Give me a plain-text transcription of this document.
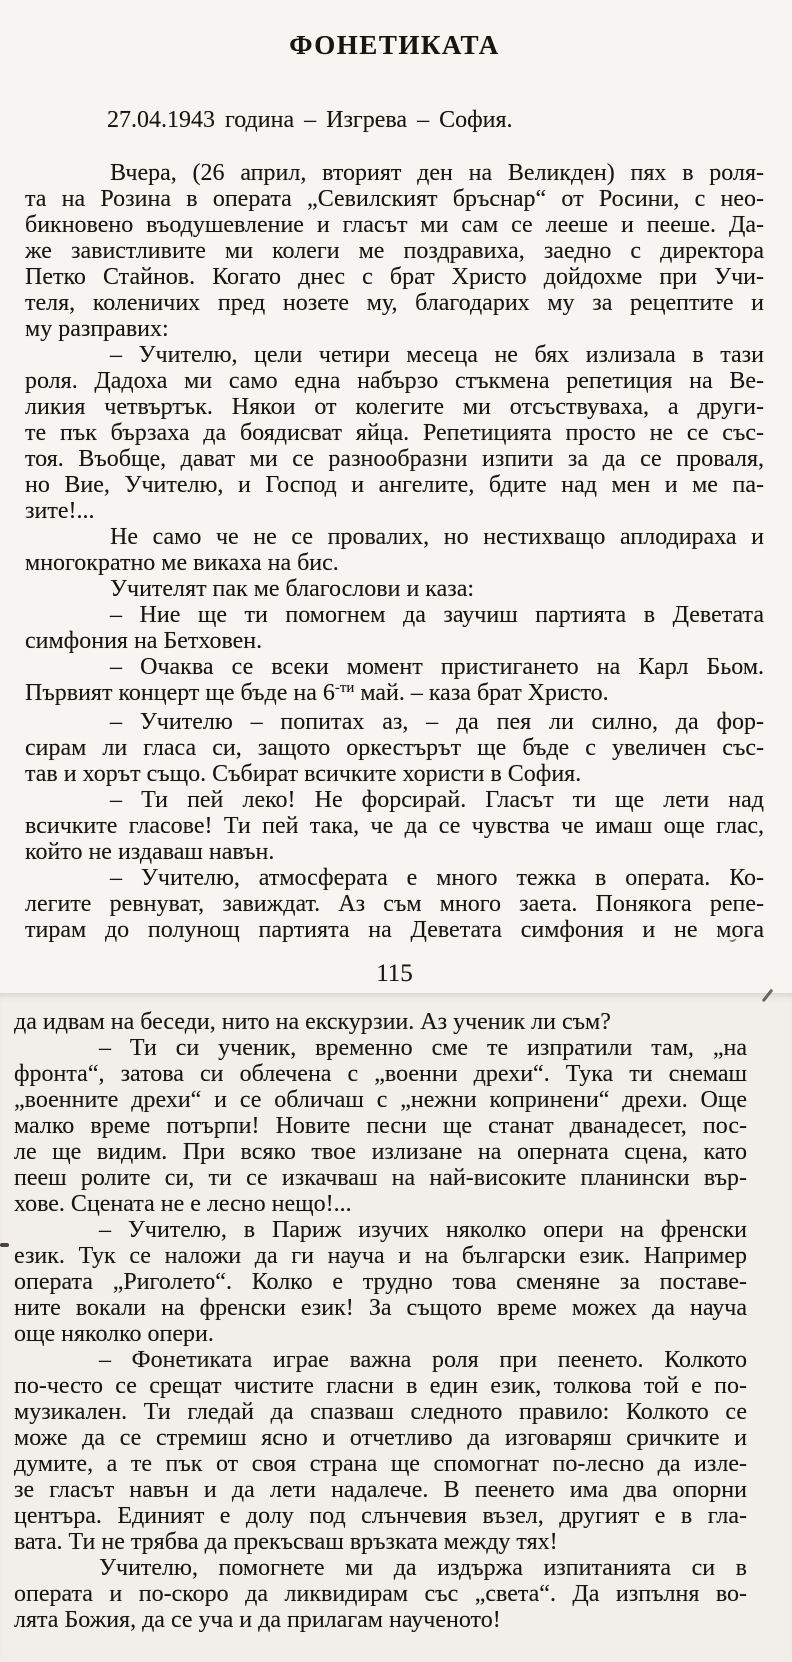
ФОНЕТИКАТА
27.04.1943 година – Изгрева – София.
Вчера, (26 април, вторият ден на Великден) пях в роля-
та на Розина в операта „Севилският бръснар“ от Росини, с нео-
бикновено въодушевление и гласът ми сам се лееше и пееше. Да-
же завистливите ми колеги ме поздравиха, заедно с директора
Петко Стайнов. Когато днес с брат Христо дойдохме при Учи-
теля, коленичих пред нозете му, благодарих му за рецептите и
му разправих:
– Учителю, цели четири месеца не бях излизала в тази
роля. Дадоха ми само една набързо стъкмена репетиция на Ве-
ликия четвъртък. Някои от колегите ми отсъствуваха, а други-
те пък бързаха да боядисват яйца. Репетицията просто не се със-
тоя. Въобще, дават ми се разнообразни изпити за да се проваля,
но Вие, Учителю, и Господ и ангелите, бдите над мен и ме па-
зите!...
Не само че не се провалих, но нестихващо аплодираха и
многократно ме викаха на бис.
Учителят пак ме благослови и каза:
– Ние ще ти помогнем да заучиш партията в Деветата
симфония на Бетховен.
– Очаква се всеки момент пристигането на Карл Бьом.
Първият концерт ще бъде на $6^{-ти}$ май. – каза брат Христо.
– Учителю – попитах аз, – да пея ли силно, да фор-
сирам ли гласа си, защото оркестърът ще бъде с увеличен със-
тав и хорът също. Събират всичките хористи в София.
– Ти пей леко! Не форсирай. Гласът ти ще лети над
всичките гласове! Ти пей така, че да се чувства че имаш още глас,
който не издаваш навън.
– Учителю, атмосферата е много тежка в операта. Ко-
легите ревнуват, завиждат. Аз съм много заета. Понякога репе-
тирам до полунощ партията на Деветата симфония и не мога
115
да идвам на беседи, нито на екскурзии. Аз ученик ли съм?
– Ти си ученик, временно сме те изпратили там, „на
фронта“, затова си облечена с „военни дрехи“. Тука ти снемаш
„военните дрехи“ и се обличаш с „нежни копринени“ дрехи. Още
малко време потърпи! Новите песни ще станат дванадесет, пос-
ле ще видим. При всяко твое излизане на оперната сцена, като
пееш ролите си, ти се изкачваш на най-високите планински вър-
хове. Сцената не е лесно нещо!...
– Учителю, в Париж изучих няколко опери на френски
език. Тук се наложи да ги науча и на български език. Например
операта „Риголето“. Колко е трудно това сменяне за поставе-
ните вокали на френски език! За същото време можех да науча
още няколко опери.
– Фонетиката играе важна роля при пеенето. Колкото
по-често се срещат чистите гласни в един език, толкова той е по-
музикален. Ти гледай да спазваш следното правило: Колкото се
може да се стремиш ясно и отчетливо да изговаряш сричките и
думите, а те пък от своя страна ще спомогнат по-лесно да изле-
зе гласът навън и да лети надалече. В пеенето има два опорни
центъра. Единият е долу под слънчевия възел, другият е в гла-
вата. Ти не трябва да прекъсваш връзката между тях!
Учителю, помогнете ми да издържа изпитанията си в
операта и по-скоро да ликвидирам със „света“. Да изпълня во-
лята Божия, да се уча и да прилагам наученото!
